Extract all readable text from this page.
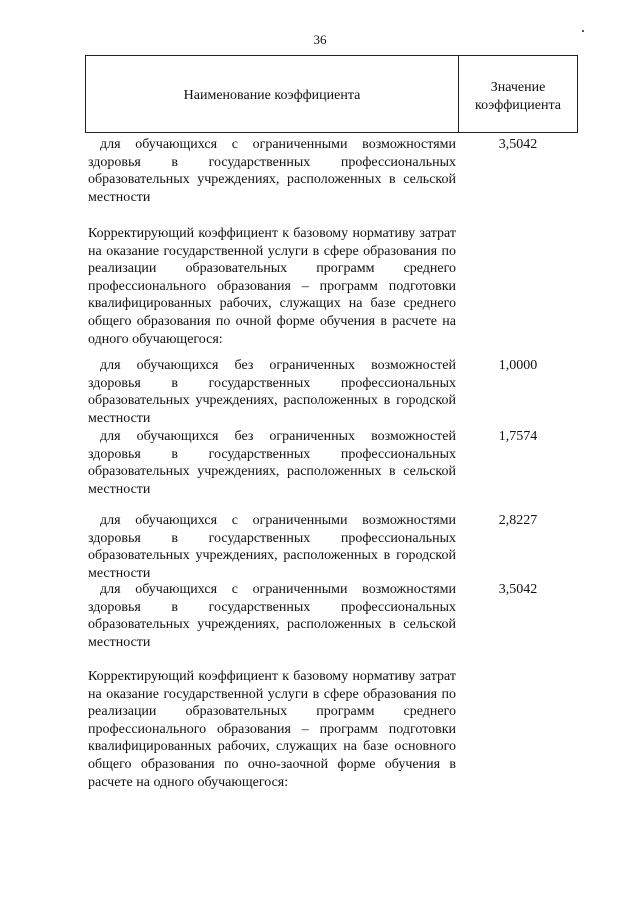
36
Наименование коэффициента
Значение
коэффициента
для обучающихся с ограниченными возможностями здоровья в государственных профессиональных образовательных учреждениях, расположенных в сельской местности
3,5042
Корректирующий коэффициент к базовому нормативу затрат на оказание государственной услуги в сфере образования по реализации образовательных программ среднего профессионального образования – программ подготовки квалифицированных рабочих, служащих на базе среднего общего образования по очной форме обучения в расчете на одного обучающегося:
для обучающихся без ограниченных возможностей здоровья в государственных профессиональных образовательных учреждениях, расположенных в городской местности
1,0000
для обучающихся без ограниченных возможностей здоровья в государственных профессиональных образовательных учреждениях, расположенных в сельской местности
1,7574
для обучающихся с ограниченными возможностями здоровья в государственных профессиональных образовательных учреждениях, расположенных в городской местности
2,8227
для обучающихся с ограниченными возможностями здоровья в государственных профессиональных образовательных учреждениях, расположенных в сельской местности
3,5042
Корректирующий коэффициент к базовому нормативу затрат на оказание государственной услуги в сфере образования по реализации образовательных программ среднего профессионального образования – программ подготовки квалифицированных рабочих, служащих на базе основного общего образования по очно-заочной форме обучения в расчете на одного обучающегося:
